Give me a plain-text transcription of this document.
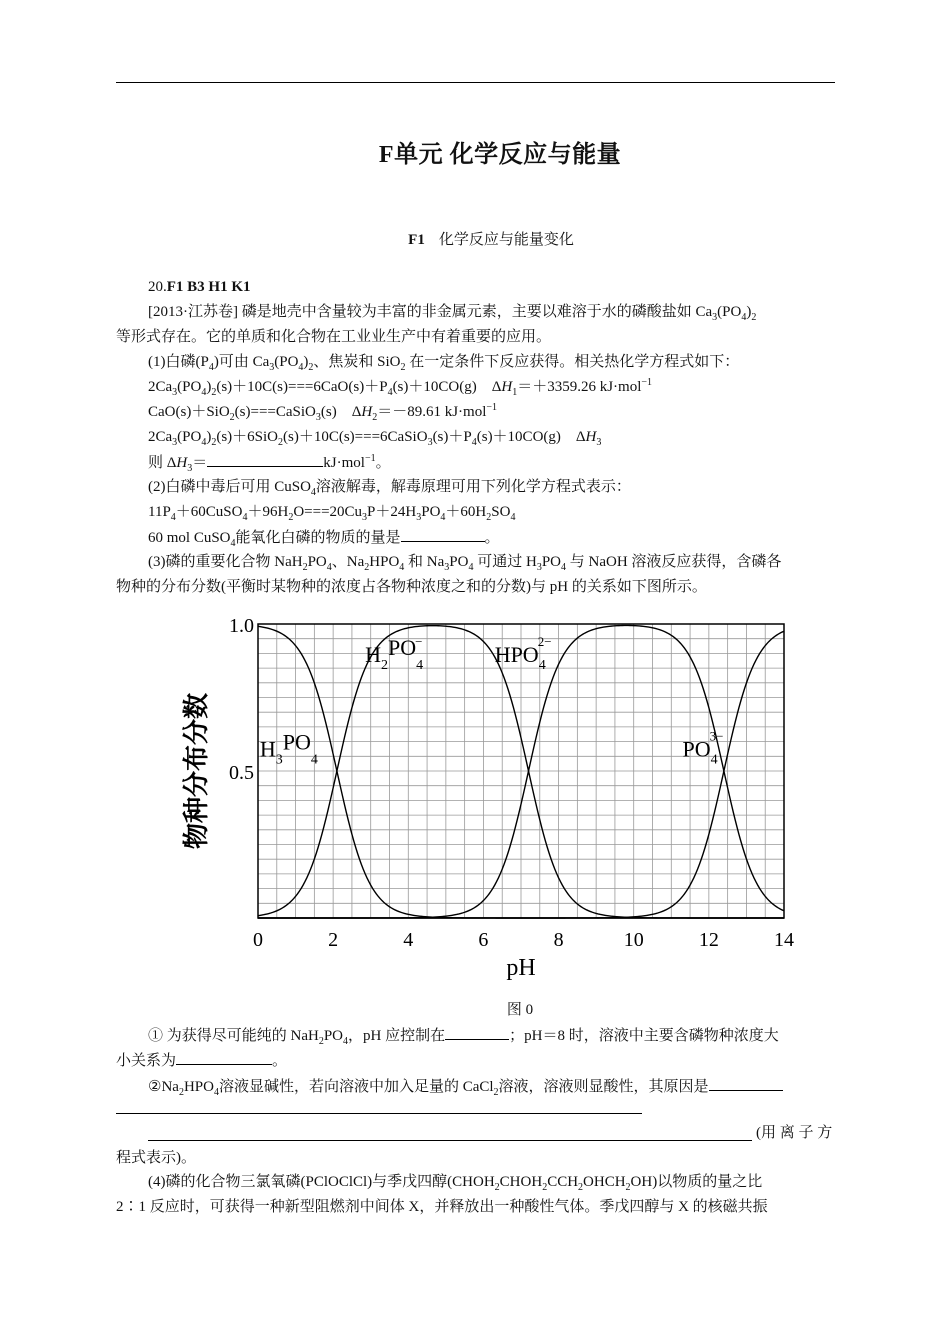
F单元 化学反应与能量
F1 化学反应与能量变化
20.F1 B3 H1 K1
[2013·江苏卷] 磷是地壳中含量较为丰富的非金属元素，主要以难溶于水的磷酸盐如 $Ca_3(PO_4)_2$
等形式存在。它的单质和化合物在工业业生产中有着重要的应用。
(1)白磷$(P_4)$可由 $Ca_3(PO_4)_2$、焦炭和 SiO$_2$ 在一定条件下反应获得。相关热化学方程式如下：
$2Ca_3(PO_4)_2(s)+10C(s)===6CaO(s)+P_4(s)+10CO(g)$　$\Delta H_1=+3359.26$ kJ·mol$^{-1}$
CaO(s)＋SiO$_2$(s)===CaSiO$_3$(s)　$\Delta H_2=-89.61$ kJ·mol$^{-1}$
$2Ca_3(PO_4)_2(s)+6SiO_2(s)+10C(s)===6CaSiO_3(s)+P_4(s)+10CO(g)$　$\Delta H_3$
则 $\Delta H_3=$	kJ·mol$^{-1}$。
(2)白磷中毒后可用 CuSO$_4$溶液解毒，解毒原理可用下列化学方程式表示：
$11P_4+60CuSO_4+96H_2O===20Cu_3P+24H_3PO_4+60H_2SO_4$
60 mol CuSO$_4$能氧化白磷的物质的量是	。
(3)磷的重要化合物 $NaH_2PO_4$、$Na_2HPO_4$ 和 $Na_3PO_4$ 可通过 $H_3PO_4$ 与 NaOH 溶液反应获得，含磷各
物种的分布分数(平衡时某物种的浓度占各物种浓度之和的分数)与 pH 的关系如下图所示。
0	2	4	6	8	10	12	14
1.0
0.5
$H_3PO_4$
$H_2PO_4-$
$HPO_42-$
$PO_43-$
pH
物种分布分数
图 0
① 为获得尽可能纯的 $NaH_2PO_4$，pH 应控制在	；pH＝8 时，溶液中主要含磷物种浓度大
小关系为	。
$②Na_2HPO_4$溶液显碱性，若向溶液中加入足量的 CaCl$_2$溶液，溶液则显酸性，其原因是
(用 离 子 方
程式表示)。
(4)磷的化合物三氯氧磷(PClOClCl)与季戊四醇$(CHOH_2CHOH_2CCH_2OHCH_2OH)$以物质的量之比
2∶1 反应时，可获得一种新型阻燃剂中间体 X，并释放出一种酸性气体。季戊四醇与 X 的核磁共振
